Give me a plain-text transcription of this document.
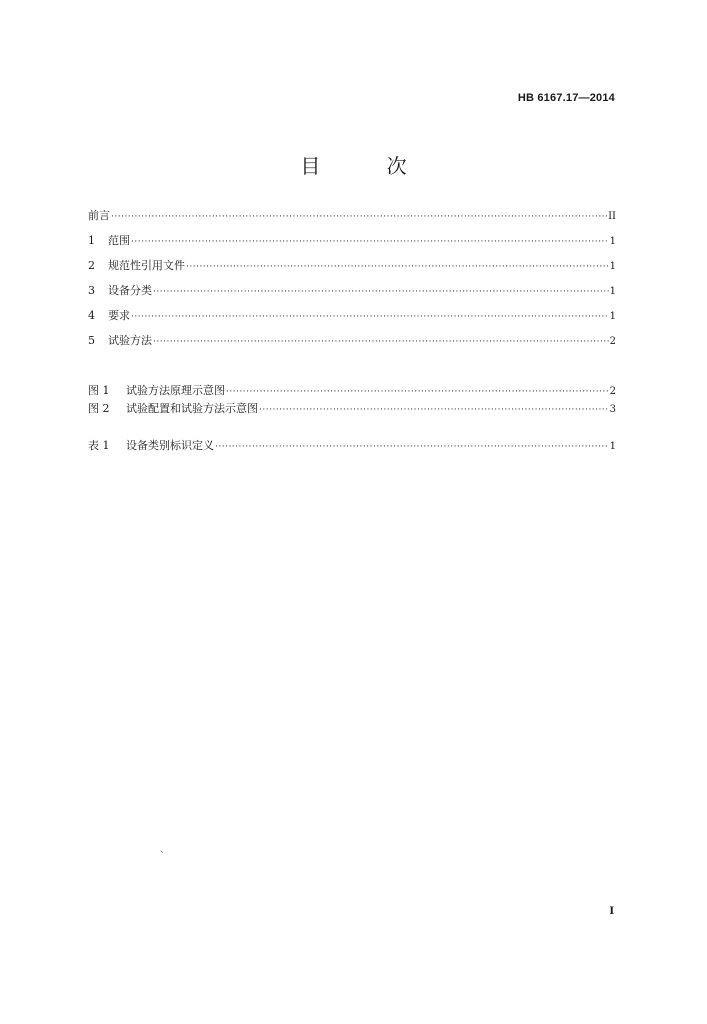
HB 6167.17—2014
目 次
前言 ·····	II
1	范围 ·····	1
2	规范性引用文件 ·····	1
3	设备分类 ·····	1
4	要求 ·····	1
5	试验方法 ·····	2
图 1	试验方法原理示意图 ·····	2
图 2	试验配置和试验方法示意图 ·····	3
表 1	设备类别标识定义 ·····	1
、
I
